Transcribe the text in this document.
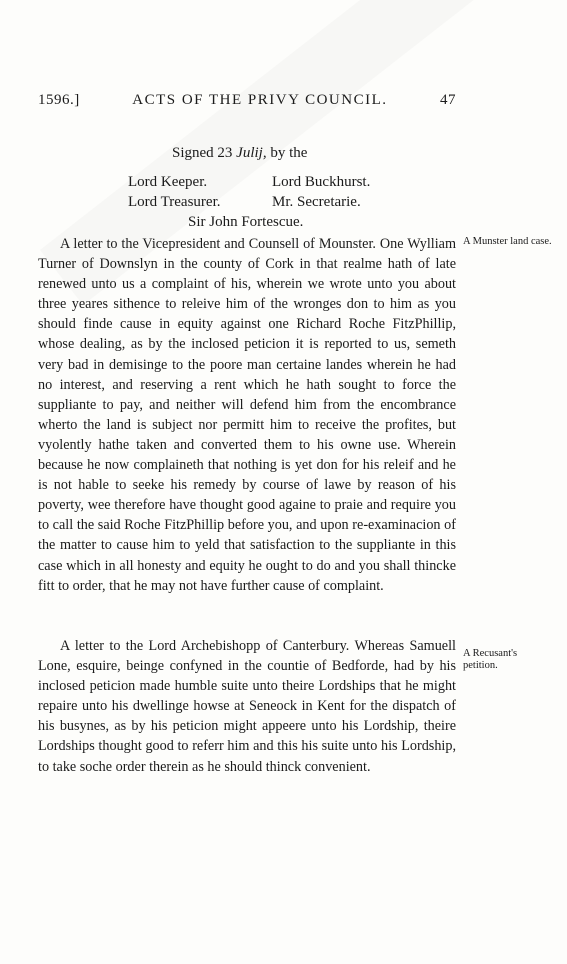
1596.]	ACTS OF THE PRIVY COUNCIL.	47
Signed 23 Julij, by the
Lord Keeper.	Lord Buckhurst.
Lord Treasurer.	Mr. Secretarie.
Sir John Fortescue.

A letter to the Vicepresident and Counsell of Mounster. One Wylliam Turner of Downslyn in the county of Cork in that realme hath of late renewed unto us a complaint of his, wherein we wrote unto you about three yeares sithence to releive him of the wronges don to him as you should finde cause in equity against one Richard Roche FitzPhillip, whose dealing, as by the inclosed peticion it is reported to us, semeth very bad in demisinge to the poore man certaine landes wherein he had no interest, and reserving a rent which he hath sought to force the suppliante to pay, and neither will defend him from the encombrance wherto the land is subject nor permitt him to receive the profites, but vyolently hathe taken and converted them to his owne use. Wherein because he now complaineth that nothing is yet don for his releif and he is not hable to seeke his remedy by course of lawe by reason of his poverty, wee therefore have thought good againe to praie and require you to call the said Roche FitzPhillip before you, and upon re-examinacion of the matter to cause him to yeld that satisfaction to the suppliante in this case which in all honesty and equity he ought to do and you shall thincke fitt to order, that he may not have further cause of complaint.

A Munster land case.

A letter to the Lord Archebishopp of Canterbury. Whereas Samuell Lone, esquire, beinge confyned in the countie of Bedforde, had by his inclosed peticion made humble suite unto theire Lordships that he might repaire unto his dwellinge howse at Seneock in Kent for the dispatch of his busynes, as by his peticion might appeere unto his Lordship, theire Lordships thought good to referr him and this his suite unto his Lordship, to take soche order therein as he should thinck convenient.

A Recusant's petition.
